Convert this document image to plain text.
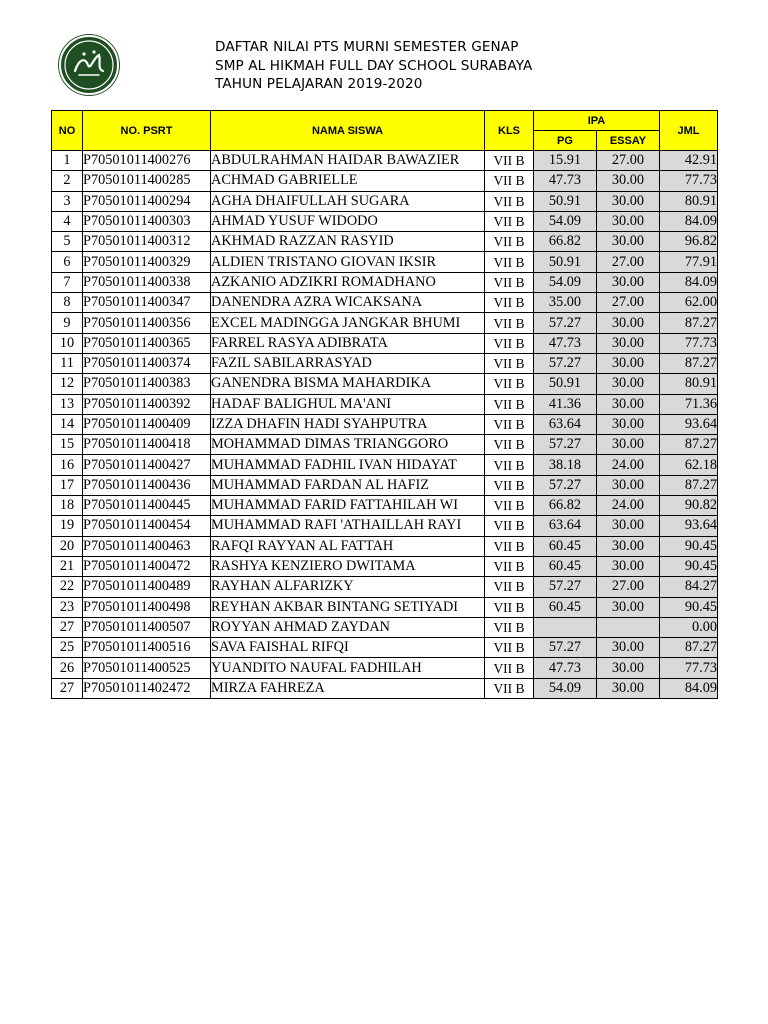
DAFTAR NILAI PTS MURNI SEMESTER GENAP
SMP AL HIKMAH FULL DAY SCHOOL SURABAYA
TAHUN PELAJARAN 2019-2020
NO	NO. PSRT	NAMA SISWA	KLS	IPA		JML
				PG	ESSAY	
1	P70501011400276	ABDULRAHMAN HAIDAR BAWAZIER	VII B	15.91	27.00	42.91
2	P70501011400285	ACHMAD GABRIELLE	VII B	47.73	30.00	77.73
3	P70501011400294	AGHA DHAIFULLAH SUGARA	VII B	50.91	30.00	80.91
4	P70501011400303	AHMAD YUSUF WIDODO	VII B	54.09	30.00	84.09
5	P70501011400312	AKHMAD RAZZAN RASYID	VII B	66.82	30.00	96.82
6	P70501011400329	ALDIEN TRISTANO GIOVAN IKSIR	VII B	50.91	27.00	77.91
7	P70501011400338	AZKANIO ADZIKRI ROMADHANO	VII B	54.09	30.00	84.09
8	P70501011400347	DANENDRA AZRA WICAKSANA	VII B	35.00	27.00	62.00
9	P70501011400356	EXCEL MADINGGA JANGKAR BHUMI	VII B	57.27	30.00	87.27
10	P70501011400365	FARREL RASYA ADIBRATA	VII B	47.73	30.00	77.73
11	P70501011400374	FAZIL SABILARRASYAD	VII B	57.27	30.00	87.27
12	P70501011400383	GANENDRA BISMA MAHARDIKA	VII B	50.91	30.00	80.91
13	P70501011400392	HADAF BALIGHUL MA'ANI	VII B	41.36	30.00	71.36
14	P70501011400409	IZZA DHAFIN HADI SYAHPUTRA	VII B	63.64	30.00	93.64
15	P70501011400418	MOHAMMAD DIMAS TRIANGGORO	VII B	57.27	30.00	87.27
16	P70501011400427	MUHAMMAD FADHIL IVAN HIDAYAT	VII B	38.18	24.00	62.18
17	P70501011400436	MUHAMMAD FARDAN AL HAFIZ	VII B	57.27	30.00	87.27
18	P70501011400445	MUHAMMAD FARID FATTAHILAH WI	VII B	66.82	24.00	90.82
19	P70501011400454	MUHAMMAD RAFI 'ATHAILLAH RAYI	VII B	63.64	30.00	93.64
20	P70501011400463	RAFQI RAYYAN AL FATTAH	VII B	60.45	30.00	90.45
21	P70501011400472	RASHYA KENZIERO DWITAMA	VII B	60.45	30.00	90.45
22	P70501011400489	RAYHAN ALFARIZKY	VII B	57.27	27.00	84.27
23	P70501011400498	REYHAN AKBAR BINTANG SETIYADI	VII B	60.45	30.00	90.45
27	P70501011400507	ROYYAN AHMAD ZAYDAN	VII B			0.00
25	P70501011400516	SAVA FAISHAL RIFQI	VII B	57.27	30.00	87.27
26	P70501011400525	YUANDITO NAUFAL FADHILAH	VII B	47.73	30.00	77.73
27	P70501011402472	MIRZA FAHREZA	VII B	54.09	30.00	84.09
